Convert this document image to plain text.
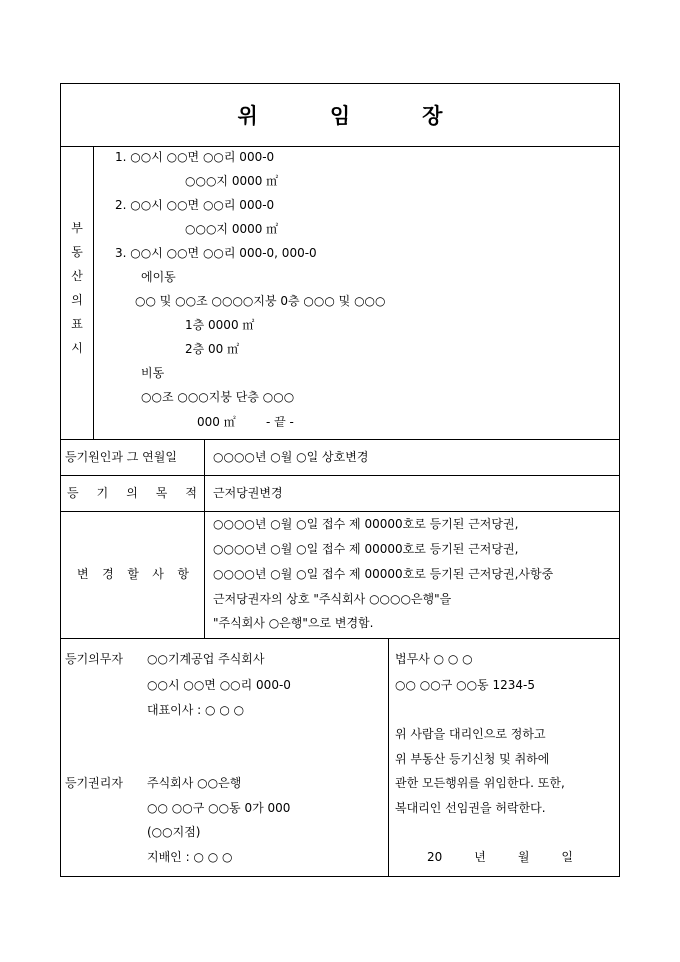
위	임	장
부
동
산
의
표
시
1. ○○시 ○○면 ○○리 000-0
○○○지 0000 ㎡
2. ○○시 ○○면 ○○리 000-0
○○○지 0000 ㎡
3. ○○시 ○○면 ○○리 000-0, 000-0
에이동
○○ 및 ○○조 ○○○○지붕 0층 ○○○ 및 ○○○
1층 0000 ㎡
2층 00 ㎡
비동
○○조 ○○○지붕 단층 ○○○
000 ㎡	- 끝 -
등기원인과 그 연월일	○○○○년 ○월 ○일 상호변경
등 기 의 목 적 근저당권변경
변 경 할 사 항
○○○○년 ○월 ○일 접수 제 00000호로 등기된 근저당권,
○○○○년 ○월 ○일 접수 제 00000호로 등기된 근저당권,
○○○○년 ○월 ○일 접수 제 00000호로 등기된 근저당권,사항중
근저당권자의 상호 "주식회사 ○○○○은행"을
"주식회사 ○은행"으로 변경함.
등기의무자 ○○기계공업 주식회사
○○시 ○○면 ○○리 000-0
대표이사 : ○ ○ ○
등기권리자 주식회사 ○○은행
○○ ○○구 ○○동 0가 000
(○○지점)
지배인 : ○ ○ ○
법무사 ○ ○ ○
○○ ○○구 ○○동 1234-5
위 사람을 대리인으로 정하고
위 부동산 등기신청 및 취하에
관한 모든행위를 위임한다. 또한,
복대리인 선임권을 허락한다.
20	년	월	일
